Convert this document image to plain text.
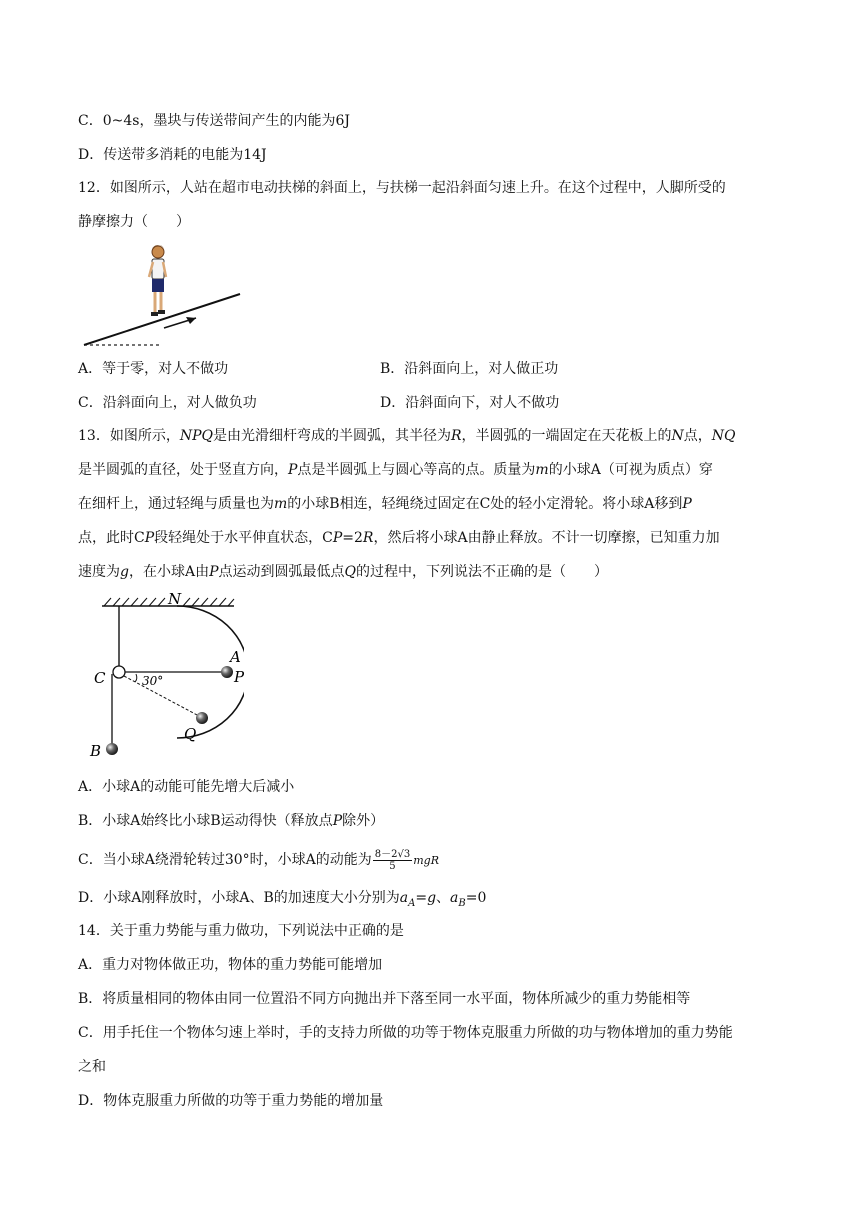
C．0~4s，墨块与传送带间产生的内能为6J
D．传送带多消耗的电能为14J
12．如图所示，人站在超市电动扶梯的斜面上，与扶梯一起沿斜面匀速上升。在这个过程中，人脚所受的
静摩擦力（　　）
A．等于零，对人不做功	B．沿斜面向上，对人做正功
C．沿斜面向上，对人做负功	D．沿斜面向下，对人不做功
13．如图所示，NPQ是由光滑细杆弯成的半圆弧，其半径为R，半圆弧的一端固定在天花板上的N点，NQ
是半圆弧的直径，处于竖直方向，P点是半圆弧上与圆心等高的点。质量为m的小球A（可视为质点）穿
在细杆上，通过轻绳与质量也为m的小球B相连，轻绳绕过固定在C处的轻小定滑轮。将小球A移到P
点，此时CP段轻绳处于水平伸直状态，CP=2R，然后将小球A由静止释放。不计一切摩擦，已知重力加
速度为g，在小球A由P点运动到圆弧最低点Q的过程中，下列说法不正确的是（　　）
N
A
P
C	30°
Q
B
A．小球A的动能可能先增大后减小
B．小球A始终比小球B运动得快（释放点P除外）
C．当小球A绕滑轮转过30°时，小球A的动能为 $\frac{8-2√3}{5}$ mgR
D．小球A刚释放时，小球A、B的加速度大小分别为$a_A=g$、$a_B=0$
14．关于重力势能与重力做功，下列说法中正确的是
A．重力对物体做正功，物体的重力势能可能增加
B．将质量相同的物体由同一位置沿不同方向抛出并下落至同一水平面，物体所减少的重力势能相等
C．用手托住一个物体匀速上举时，手的支持力所做的功等于物体克服重力所做的功与物体增加的重力势能
之和
D．物体克服重力所做的功等于重力势能的增加量
